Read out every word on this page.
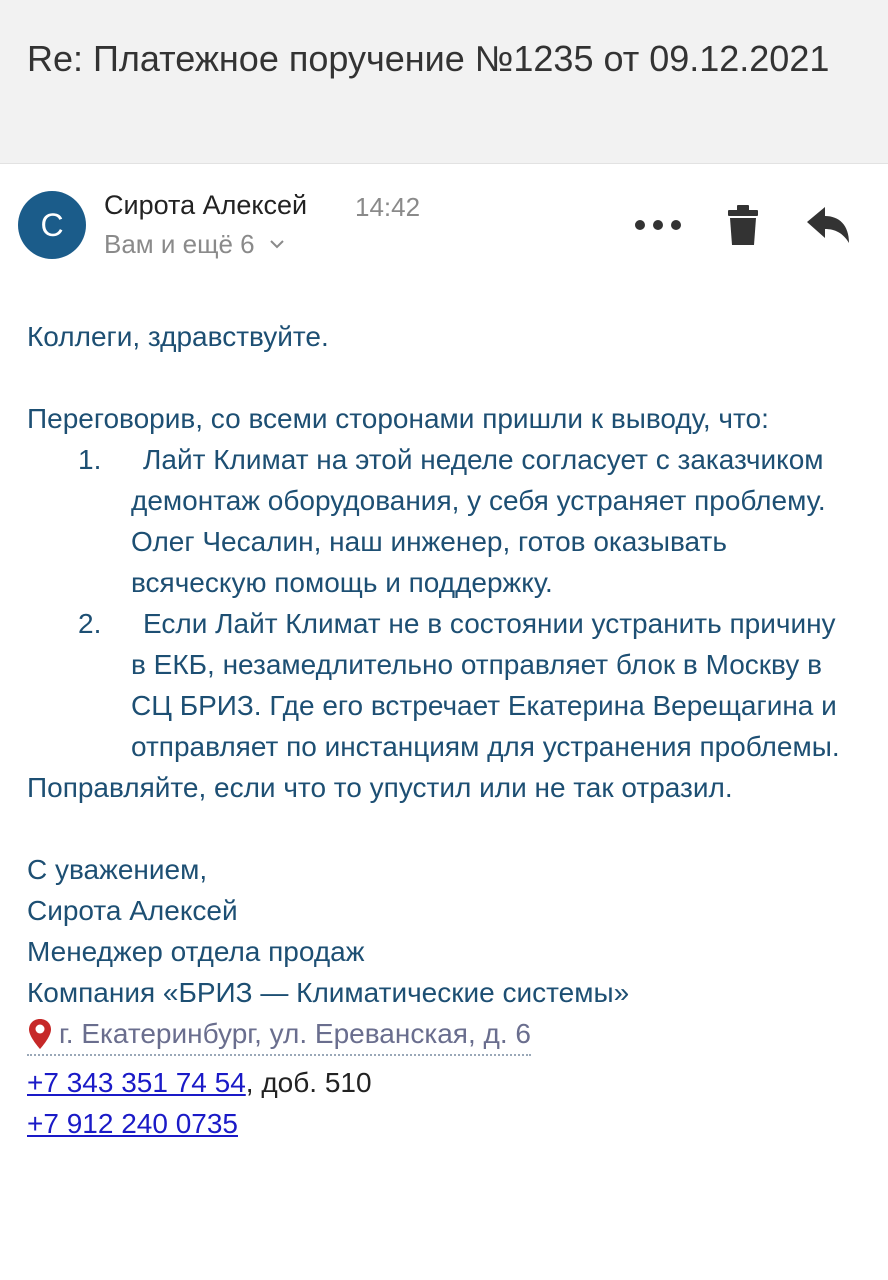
Re: Платежное поручение №1235 от 09.12.2021
C
Сирота Алексей 14:42
Вам и ещё 6

Коллеги, здравствуйте.

Переговорив, со всеми сторонами пришли к выводу, что:

1. Лайт Климат на этой неделе согласует с заказчиком демонтаж оборудования, у себя устраняет проблему. Олег Чесалин, наш инженер, готов оказывать всяческую помощь и поддержку.
2. Если Лайт Климат не в состоянии устранить причину в ЕКБ, незамедлительно отправляет блок в Москву в СЦ БРИЗ. Где его встречает Екатерина Верещагина и отправляет по инстанциям для устранения проблемы.

Поправляйте, если что то упустил или не так отразил.

С уважением,

Сирота Алексей

Менеджер отдела продаж

Компания «БРИЗ — Климатические системы»

г. Екатеринбург, ул. Ереванская, д. 6

+7 343 351 74 54, доб. 510

+7 912 240 0735
